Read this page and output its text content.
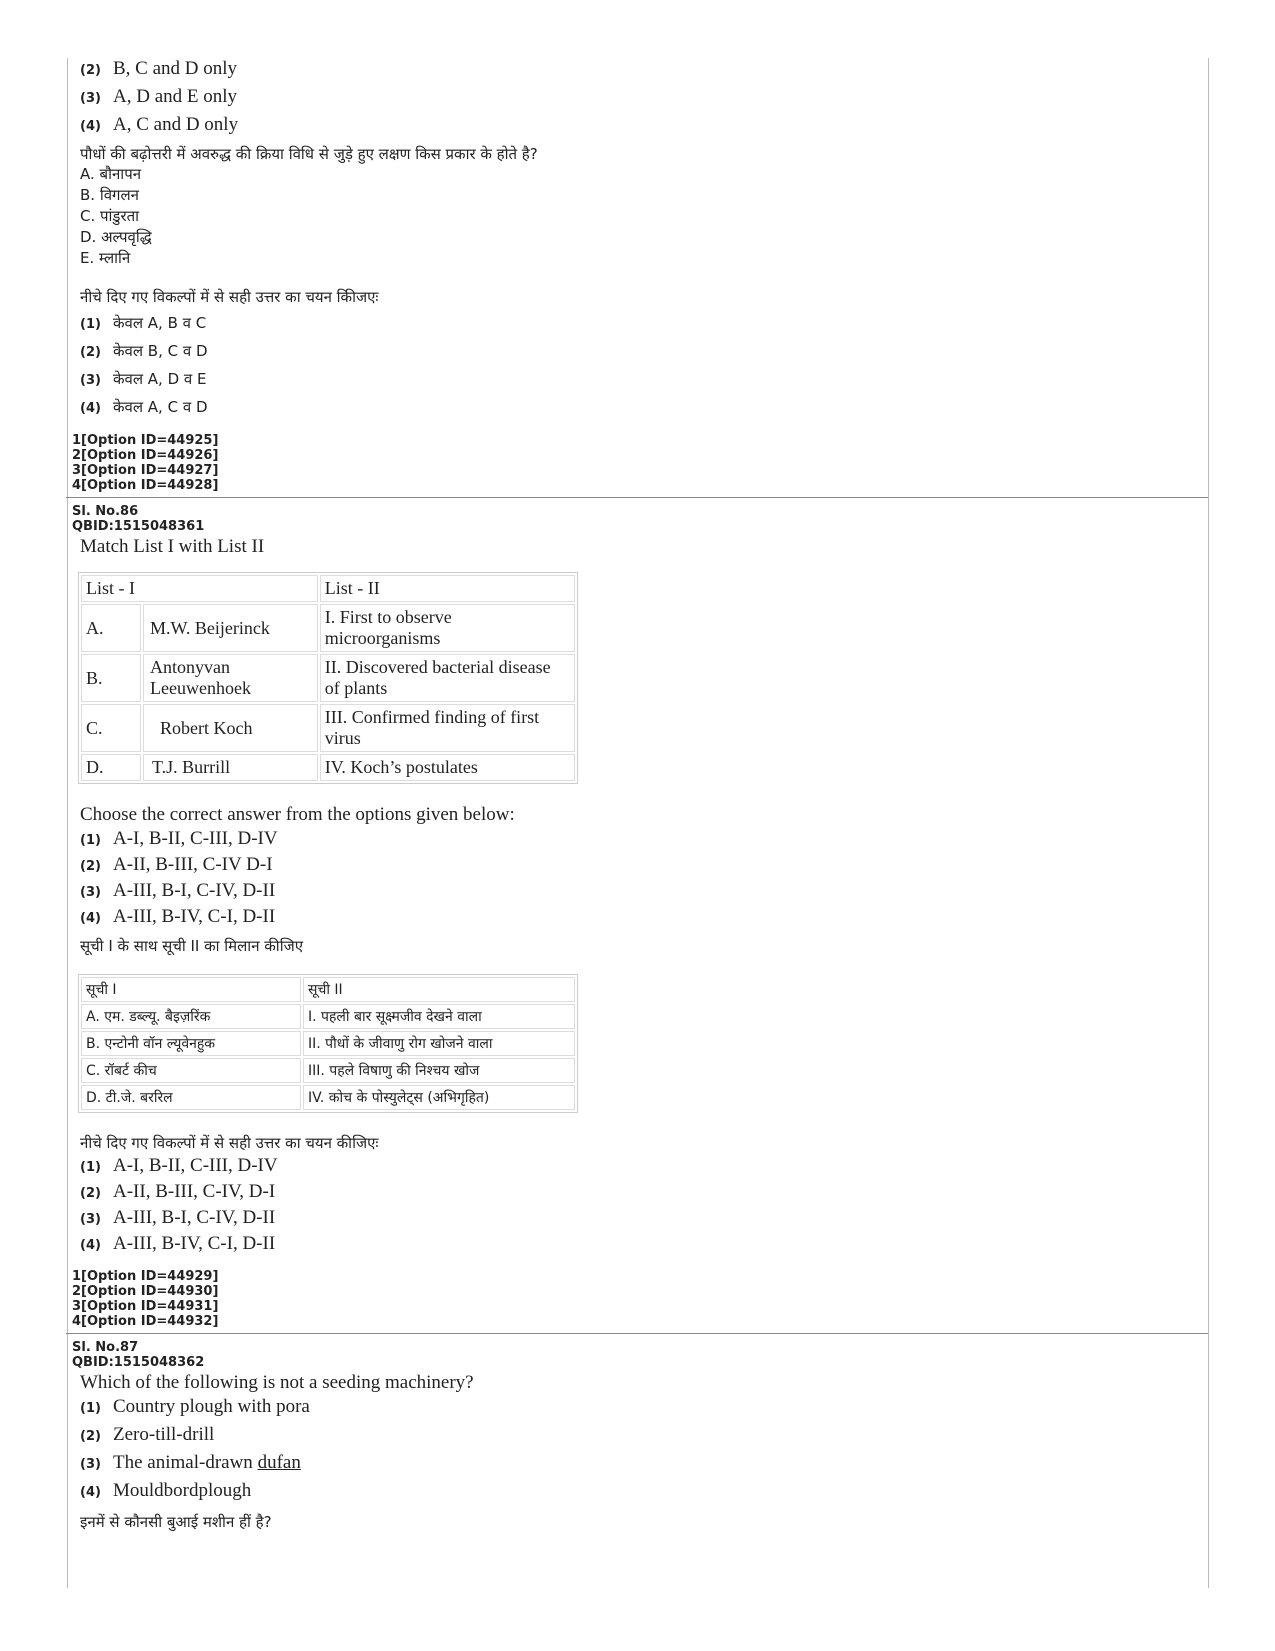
(2) B, C and D only
(3) A, D and E only
(4) A, C and D only
पौधों की बढ़ोत्तरी में अवरुद्ध की क्रिया विधि से जुड़े हुए लक्षण किस प्रकार के होते है?
A. बौनापन
B. विगलन
C. पांडुरता
D. अल्पवृद्धि
E. म्लानि
नीचे दिए गए विकल्पों में से सही उत्तर का चयन कीिजएः
(1) केवल A, B व C
(2) केवल B, C व D
(3) केवल A, D व E
(4) केवल A, C व D
1[Option ID=44925]
2[Option ID=44926]
3[Option ID=44927]
4[Option ID=44928]
Sl. No.86
QBID:1515048361
Match List I with List II
List - I		List - II
A.	M.W. Beijerinck	I. First to observe microorganisms
B.	Antonyvan Leeuwenhoek	II. Discovered bacterial disease of plants
C.	Robert Koch	III. Confirmed finding of first virus
D.	T.J. Burrill	IV. Koch’s postulates
Choose the correct answer from the options given below:
(1) A-I, B-II, C-III, D-IV
(2) A-II, B-III, C-IV D-I
(3) A-III, B-I, C-IV, D-II
(4) A-III, B-IV, C-I, D-II
सूची I के साथ सूची II का मिलान कीजिए
सूची I	सूची II
A. एम. डब्ल्यू. बैइज़रिंक	I. पहली बार सूक्ष्मजीव देखने वाला
B. एन्टोनी वॉन ल्यूवेनहुक	II. पौधों के जीवाणु रोग खोजने वाला
C. रॉबर्ट कीच	III. पहले विषाणु की निश्चय खोज
D. टी.जे. बररिल	IV. कोच के पोस्युलेट्स (अभिगृहित)
नीचे दिए गए विकल्पों में से सही उत्तर का चयन कीजिएः
(1) A-I, B-II, C-III, D-IV
(2) A-II, B-III, C-IV, D-I
(3) A-III, B-I, C-IV, D-II
(4) A-III, B-IV, C-I, D-II
1[Option ID=44929]
2[Option ID=44930]
3[Option ID=44931]
4[Option ID=44932]
Sl. No.87
QBID:1515048362
Which of the following is not a seeding machinery?
(1) Country plough with pora
(2) Zero-till-drill
(3) The animal-drawn dufan
(4) Mouldbordplough
इनमें से कौनसी बुआई मशीन हीं है?
